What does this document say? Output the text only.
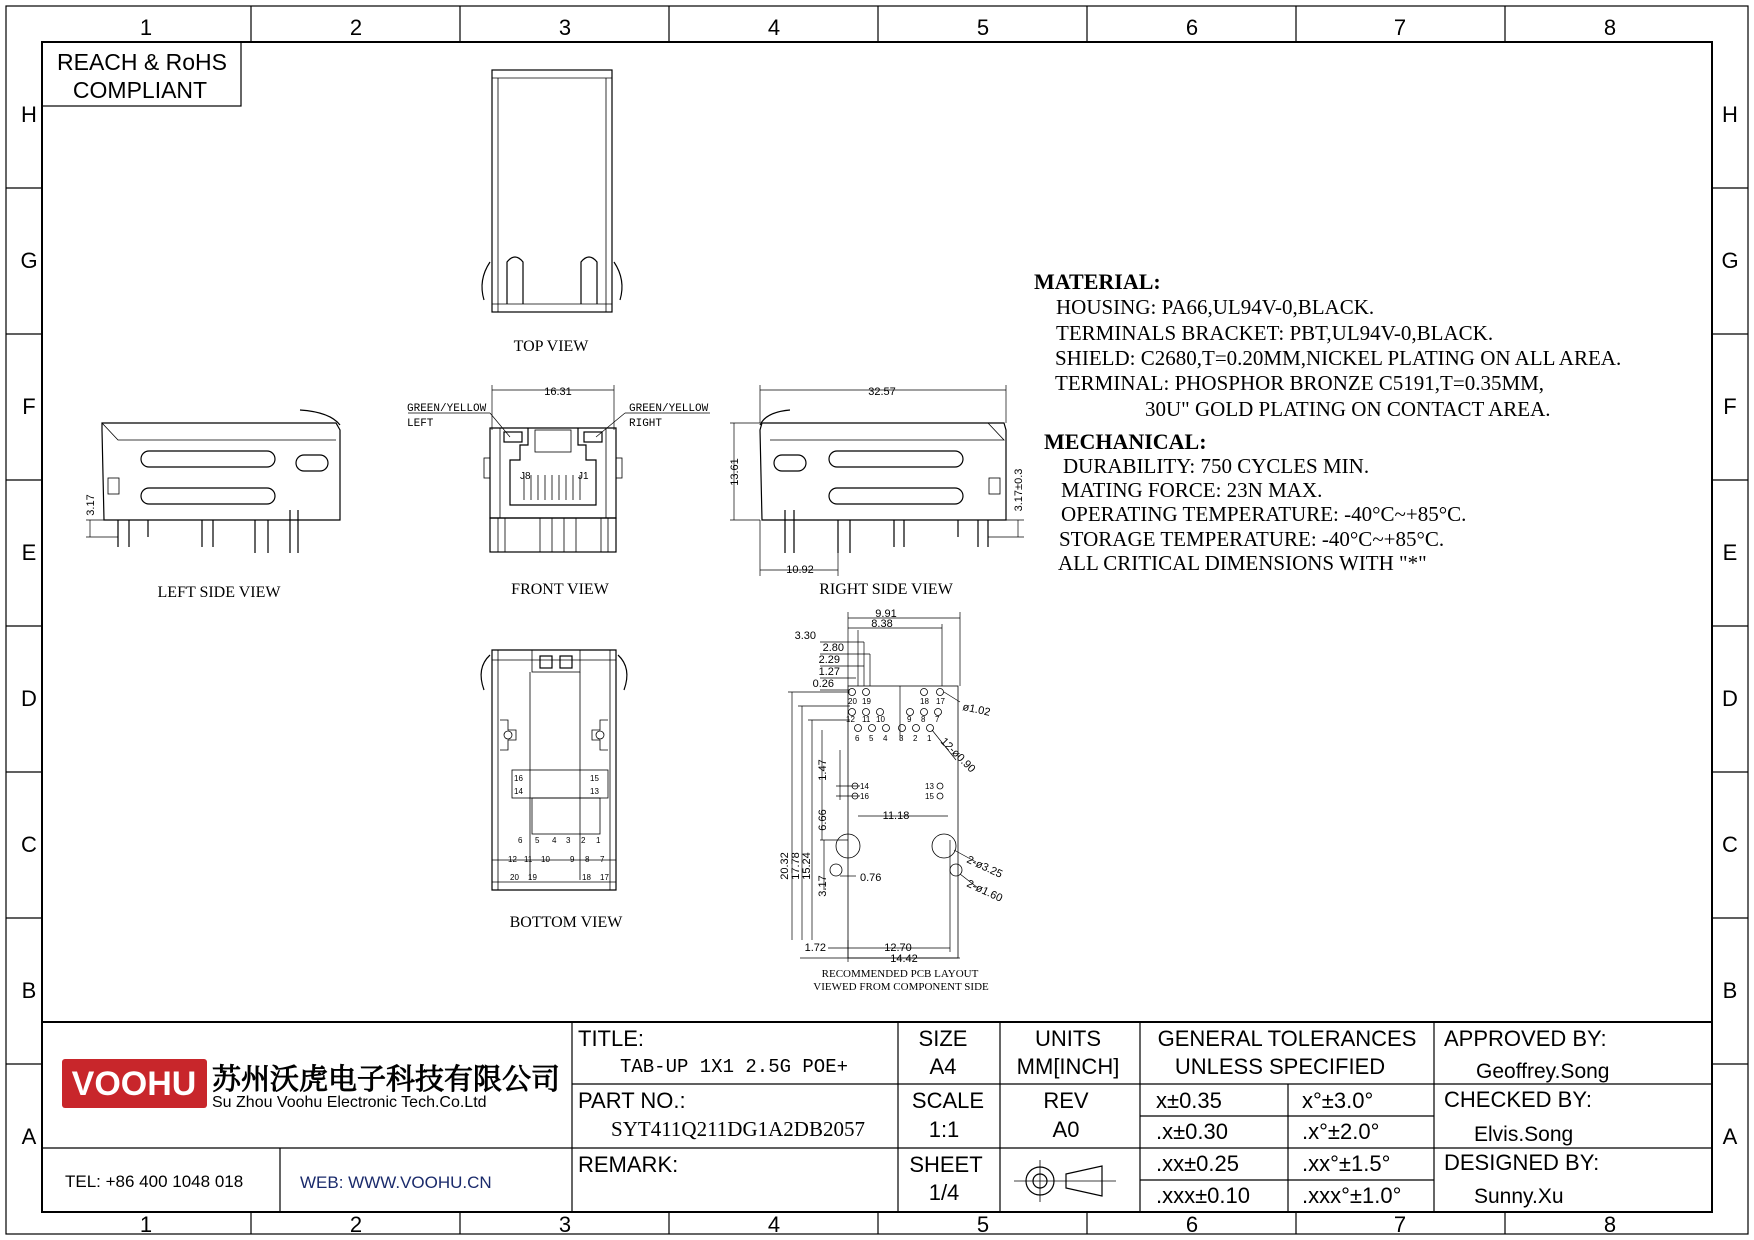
1	2	3	4	5	6	7	8
1	2	3	4	5	6	7	8
H
G
F
E
D
C
B
A
H
G
F
E
D
C
B
A
REACH & RoHS
COMPLIANT
TOP VIEW
3.17
LEFT SIDE VIEW
16.31
GREEN/YELLOW
LEFT
GREEN/YELLOW
RIGHT
J8	J1
FRONT VIEW
32.57
13.61	3.17±0.3
10.92
RIGHT SIDE VIEW
16
14
15
13
6 5 4 3 2 1
12 11 10	9 8 7
20 19	18 17
BOTTOM VIEW
20 19	18 17
12 11 10	9 8 7
6 5 4 3 2 1
14
16
13
15
9.91
8.38
3.30
2.80
2.29
1.27
0.26
ø1.02
12-ø0.90
1.47
11.18
6.66
20.32 17.78 15.24
3.17	0.76	2-ø3.25
2-ø1.60
1.72	12.70
14.42
RECOMMENDED PCB LAYOUT
VIEWED FROM COMPONENT SIDE
MATERIAL:
HOUSING: PA66,UL94V-0,BLACK.
TERMINALS BRACKET: PBT,UL94V-0,BLACK.
SHIELD: C2680,T=0.20MM,NICKEL PLATING ON ALL AREA.
TERMINAL: PHOSPHOR BRONZE C5191,T=0.35MM,
30U" GOLD PLATING ON CONTACT AREA.
MECHANICAL:
DURABILITY: 750 CYCLES MIN.
MATING FORCE: 23N MAX.
OPERATING TEMPERATURE: -40°C~+85°C.
STORAGE TEMPERATURE: -40°C~+85°C.
ALL CRITICAL DIMENSIONS WITH "*"
VOOHU 苏州沃虎电子科技有限公司
Su Zhou Voohu Electronic Tech.Co.Ltd
TEL: +86 400 1048 018	WEB: WWW.VOOHU.CN
TITLE:
TAB-UP 1X1 2.5G POE+
PART NO.:
SYT411Q211DG1A2DB2057
REMARK:
SIZE
A4
UNITS
MM[INCH]
SCALE
1:1
REV
A0
SHEET
1/4
GENERAL TOLERANCES
UNLESS SPECIFIED
x±0.35	x°±3.0°
.x±0.30	.x°±2.0°
.xx±0.25	.xx°±1.5°
.xxx±0.10 .xxx°±1.0°
APPROVED BY:
Geoffrey.Song
CHECKED BY:
Elvis.Song
DESIGNED BY:
Sunny.Xu
